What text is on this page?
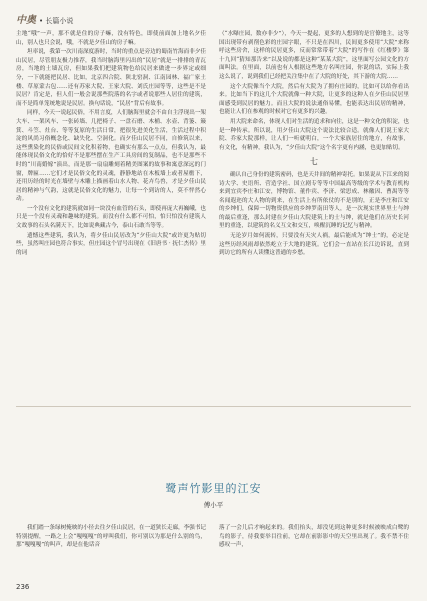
中奥 • 长篇小说

主地“哦”一声，那不就是住的房子嘛，没有特色，即使前面加上地名夕佳山，别人也只会说，哦，不就是夕佳山的房子嘛。

坦率说，我第一次川南深度游时，当时的重点是旁边的蜀南竹海而非夕佳山民居，尽管朋友极力推荐，我当时脑海里闪出的“民居”就是一排排的青瓦房，当地的土墙瓦房，但如果我们把建筑物色给民居来做进一步界定或细分，一下就能把民居、比如，北京四合院、陕北窑洞、江南园林、福广家土楼、草原蒙古包……还有苏家大院、王家大院、刘氏庄园等等，这些是不是民居？肯定是，但人们一般会说那些院落的名字或者说那些人居住的建筑，而不是简单笼统地说是民居。换句话说，“民居”背后有故事。

同样，今天一说起民俗，不用言度，人们脑海里就会不由自主浮现出一架大车、一架风车、一张砖墙、几把椅子、一盘石磨、木桶、水壶、背篓、簸箕、斗笠、灶台、等等复原的生活日常，把很先进美化生活，生活过程中积淀的风尚习俗概念化、缺失化、空洞化。而夕佳山民居不同，自修筑以来，这些熏染化的民俗或民间文化积着物，也确实有那么一点点，但我认为，最能体现民俗文化的恰好不是那些摆在生产工具房间的复制品，也不是那些不时的“川南婚嫁”演出，而是那一扇扇雕刻着精美图案的故事和寓意深远的门窗，牌匾……它们才是民俗文化的灵魂，静静地站在木板墙上或者屋檐下，还用历经的时光在墙壁与木雕上描画着山水人物、花卉鸟兽，才是夕佳山民居的精神与气韵，这就是民俗文化的魅力，让每一个到访的人，莫不怦然心动。

一个没有文化的建筑就如同一块没有血管的石头，即使再庞大再巍峨，也只是一个没有灵魂和趣味的建筑。而没有什么都不可怕，怕只怕没有建筑人文故事的石头名满天下，比如说典藏古今，泰山石敢当等等。

遗憾这些建筑，我认为，将夕佳山民居改为“夕佳山大院”或许更为贴切些，虽然叫庄园也符合事实，但庄园这个冒号出现在《旧唐书 · 抚仁杰传》里的词

（“水曝庄园，数亦非少”），今天一提起，更多的人想到的是官僚地主，这等国出现带有剥削色彩的庄园字眼，不只是在四川，民间更多使用“大院”来称呼这些房舍，这样的民居更多，反而常常带着“大院”的写作在《红楼梦》第十九回“猜知那告来”以及说的都是这种“某某大院”，这里面写公园文化的方面叫法。在里面，以前也有人根据这些地方名叫庄园，你说的话，实际上我这么说了，说到我们已经把关注集中在了大院的好处，其下游的大院……

这个大院像当个大院，然后有大院为了拥有庄园的，比如可以给你看出来。比如当下的这几个大院就像一种大院，让更多的这种人在夕佳山民居里面感受到民居的魅力。而且大院的说法通俗易懂，也能表达出民居的精神，也能让人们在参观的时候对它有更多的兴趣。

用大院来命名，体现人们对生活的追求和向往，这是一种文化的积淀，也是一种传承。所以说，用夕佳山大院这个说法比较合适。就像人们说王家大院、乔家大院那样，让人们一听就明白，一个大家族居住的地方，有故事，有文化，有精神，我认为，“夕佳山大院”这个名字更有内涵，也更加贴切。

七

确认自己身份的建筑密码，也是天井间的精神寄托。如果说从下江来的阅诗大学、史语所、营造学社、国立剧专等等中国最高等级的学术与教育机构来到宜宾李庄和江安，博物馆、董作宾、李济、梁思成、林徽因、曹禺等等名闻遐迩的大人物的到来，在生活上有所依仗的不是别的，正是李庄和江安的乡绅们，保障一切物资供应的乡绅罗南田等人，是一次现实世界里士与绅的最后重逢，那么封建在夕佳山大院建筑上的士与绅，就是他们在历史长河里的重逢，以建筑的名义互文和交互，唤醒沉睡的记忆与精神。

无论岁月如何流转，只要没有天灾人祸，最后能成为“绅士”的，必定是这些历经风雨却依然屹立于大地的建筑。它们会一直站在长江边诉说，直到到访它的所有人读懂这普通的乡愁。

鹭声竹影里的江安
傅小平

我们踏一条绿树掩映的小径去往夕佳山民居，在一道狭长走廊，李强书记特别提醒，一路之上会“嘎嘎嘎”的呼叫我们，你可别以为那是什么别的鸟，那“嘎嘎嘎”的叫声，却是在他话音

落了一会儿后才响起来的。我们抬头，却没见到这种更多时候被映成白鹭的鸟的影子，待我要举目往前，它却在前影影中的天空里出现了。我不禁不住感叹一声，

236
